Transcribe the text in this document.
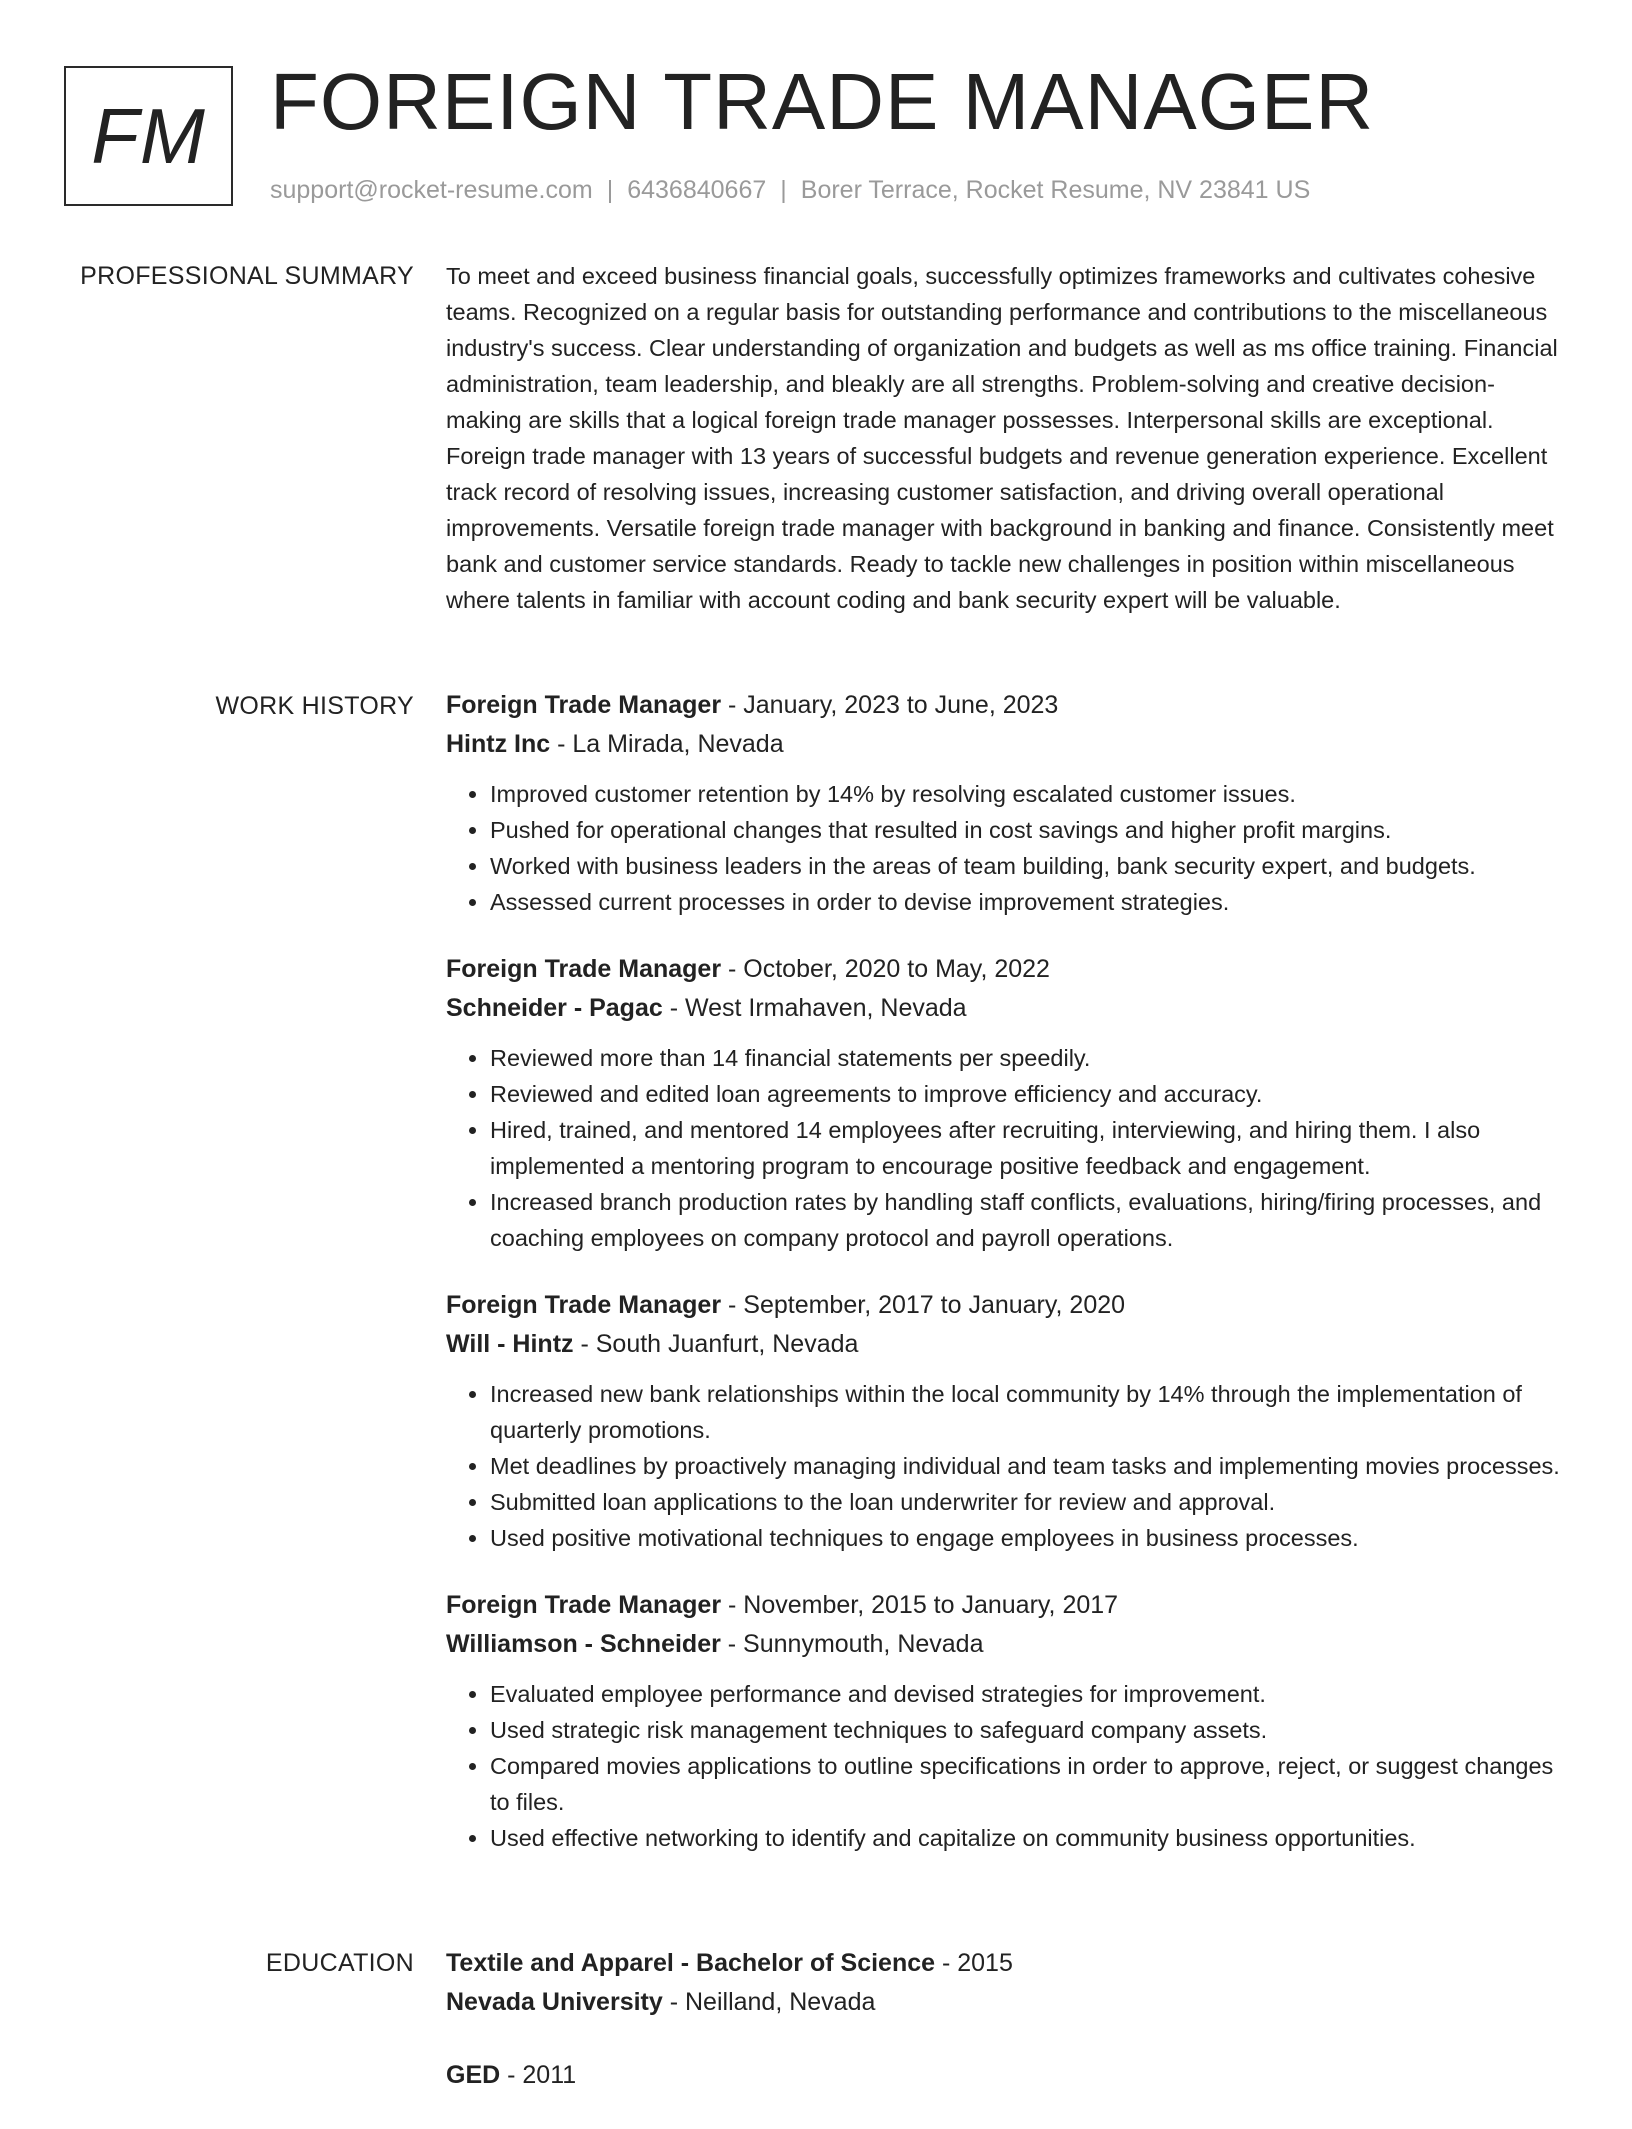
FM FOREIGN TRADE MANAGER
support@rocket-resume.com | 6436840667 | Borer Terrace, Rocket Resume, NV 23841 US
PROFESSIONAL SUMMARY To meet and exceed business financial goals, successfully optimizes frameworks and cultivates cohesive teams. Recognized on a regular basis for outstanding performance and contributions to the miscellaneous industry's success. Clear understanding of organization and budgets as well as ms office training. Financial administration, team leadership, and bleakly are all strengths. Problem-solving and creative decision-making are skills that a logical foreign trade manager possesses. Interpersonal skills are exceptional. Foreign trade manager with 13 years of successful budgets and revenue generation experience. Excellent track record of resolving issues, increasing customer satisfaction, and driving overall operational improvements. Versatile foreign trade manager with background in banking and finance. Consistently meet bank and customer service standards. Ready to tackle new challenges in position within miscellaneous where talents in familiar with account coding and bank security expert will be valuable.

WORK HISTORY Foreign Trade Manager - January, 2023 to June, 2023
Hintz Inc - La Mirada, Nevada
• Improved customer retention by 14% by resolving escalated customer issues.
• Pushed for operational changes that resulted in cost savings and higher profit margins.
• Worked with business leaders in the areas of team building, bank security expert, and budgets.
• Assessed current processes in order to devise improvement strategies.
Foreign Trade Manager - October, 2020 to May, 2022
Schneider - Pagac - West Irmahaven, Nevada
• Reviewed more than 14 financial statements per speedily.
• Reviewed and edited loan agreements to improve efficiency and accuracy.
• Hired, trained, and mentored 14 employees after recruiting, interviewing, and hiring them. I also implemented a mentoring program to encourage positive feedback and engagement.
• Increased branch production rates by handling staff conflicts, evaluations, hiring/firing processes, and coaching employees on company protocol and payroll operations.
Foreign Trade Manager - September, 2017 to January, 2020
Will - Hintz - South Juanfurt, Nevada
• Increased new bank relationships within the local community by 14% through the implementation of quarterly promotions.
• Met deadlines by proactively managing individual and team tasks and implementing movies processes.
• Submitted loan applications to the loan underwriter for review and approval.
• Used positive motivational techniques to engage employees in business processes.
Foreign Trade Manager - November, 2015 to January, 2017
Williamson - Schneider - Sunnymouth, Nevada
• Evaluated employee performance and devised strategies for improvement.
• Used strategic risk management techniques to safeguard company assets.
• Compared movies applications to outline specifications in order to approve, reject, or suggest changes to files.
• Used effective networking to identify and capitalize on community business opportunities.
EDUCATION Textile and Apparel - Bachelor of Science - 2015
Nevada University - Neilland, Nevada
GED - 2011
